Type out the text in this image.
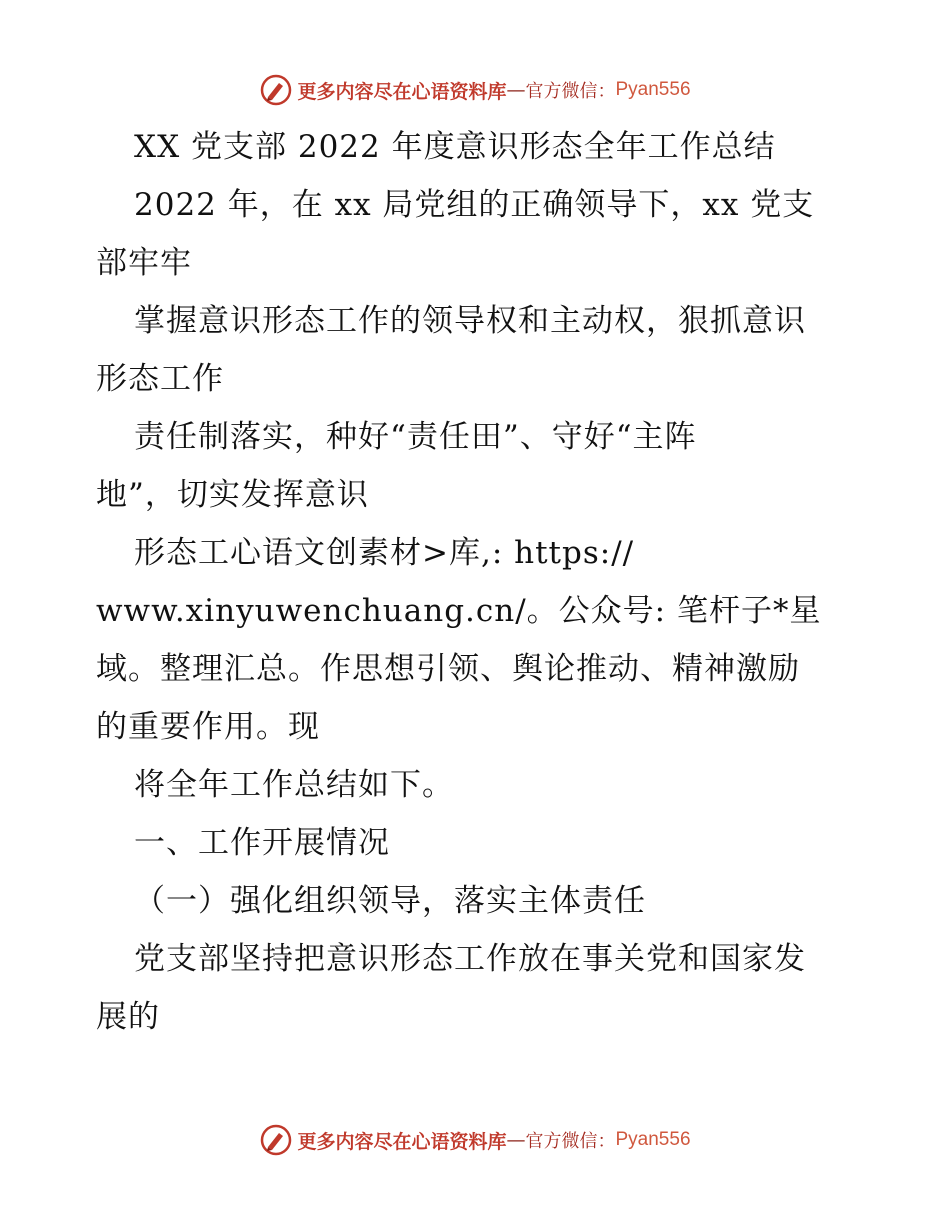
更多内容尽在心语资料库 — 官方微信： Pyan556
XX 党支部 2022 年度意识形态全年工作总结
2022 年，在 xx 局党组的正确领导下，xx 党支
部牢牢
掌握意识形态工作的领导权和主动权，狠抓意识
形态工作
责任制落实，种好“责任田”、守好“主阵
地”，切实发挥意识
形态工心语文创素材>库,: https://
www.xinyuwenchuang.cn/。公众号: 笔杆子*星
域。整理汇总。作思想引领、舆论推动、精神激励
的重要作用。现
将全年工作总结如下。
一、工作开展情况
（一）强化组织领导，落实主体责任
党支部坚持把意识形态工作放在事关党和国家发
展的
更多内容尽在心语资料库 — 官方微信： Pyan556
